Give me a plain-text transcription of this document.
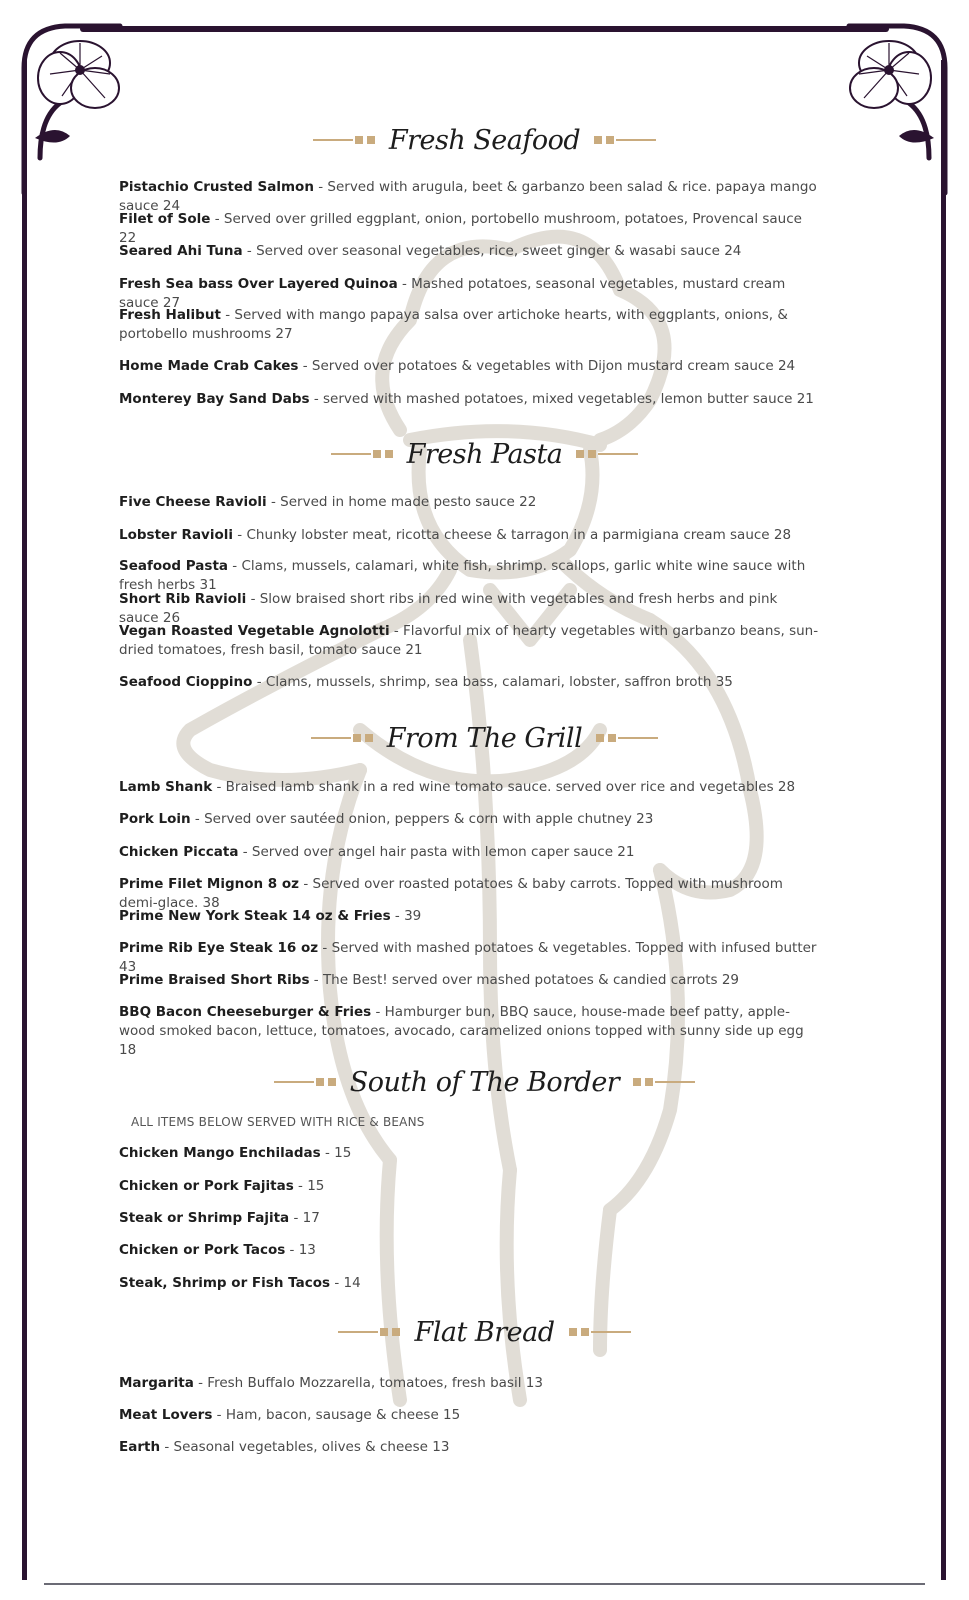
Fresh Seafood
Pistachio Crusted Salmon - Served with arugula, beet & garbanzo been salad & rice. papaya mango sauce 24
Filet of Sole - Served over grilled eggplant, onion, portobello mushroom, potatoes, Provencal sauce 22
Seared Ahi Tuna - Served over seasonal vegetables, rice, sweet ginger & wasabi sauce 24
Fresh Sea bass Over Layered Quinoa - Mashed potatoes, seasonal vegetables, mustard cream sauce 27
Fresh Halibut - Served with mango papaya salsa over artichoke hearts, with eggplants, onions, & portobello mushrooms 27
Home Made Crab Cakes - Served over potatoes & vegetables with Dijon mustard cream sauce 24
Monterey Bay Sand Dabs - served with mashed potatoes, mixed vegetables, lemon butter sauce 21
Fresh Pasta
Five Cheese Ravioli - Served in home made pesto sauce 22
Lobster Ravioli - Chunky lobster meat, ricotta cheese & tarragon in a parmigiana cream sauce 28
Seafood Pasta - Clams, mussels, calamari, white fish, shrimp. scallops, garlic white wine sauce with fresh herbs 31
Short Rib Ravioli - Slow braised short ribs in red wine with vegetables and fresh herbs and pink sauce 26
Vegan Roasted Vegetable Agnolotti - Flavorful mix of hearty vegetables with garbanzo beans, sun-dried tomatoes, fresh basil, tomato sauce 21
Seafood Cioppino - Clams, mussels, shrimp, sea bass, calamari, lobster, saffron broth 35
From The Grill
Lamb Shank - Braised lamb shank in a red wine tomato sauce. served over rice and vegetables 28
Pork Loin - Served over sautéed onion, peppers & corn with apple chutney 23
Chicken Piccata - Served over angel hair pasta with lemon caper sauce 21
Prime Filet Mignon 8 oz - Served over roasted potatoes & baby carrots. Topped with mushroom demi-glace. 38
Prime New York Steak 14 oz & Fries - 39
Prime Rib Eye Steak 16 oz - Served with mashed potatoes & vegetables. Topped with infused butter 43
Prime Braised Short Ribs - The Best! served over mashed potatoes & candied carrots 29
BBQ Bacon Cheeseburger & Fries - Hamburger bun, BBQ sauce, house-made beef patty, apple-wood smoked bacon, lettuce, tomatoes, avocado, caramelized onions topped with sunny side up egg 18
South of The Border
ALL ITEMS BELOW SERVED WITH RICE & BEANS
Chicken Mango Enchiladas - 15
Chicken or Pork Fajitas - 15
Steak or Shrimp Fajita - 17
Chicken or Pork Tacos - 13
Steak, Shrimp or Fish Tacos - 14
Flat Bread
Margarita - Fresh Buffalo Mozzarella, tomatoes, fresh basil 13
Meat Lovers - Ham, bacon, sausage & cheese 15
Earth - Seasonal vegetables, olives & cheese 13
